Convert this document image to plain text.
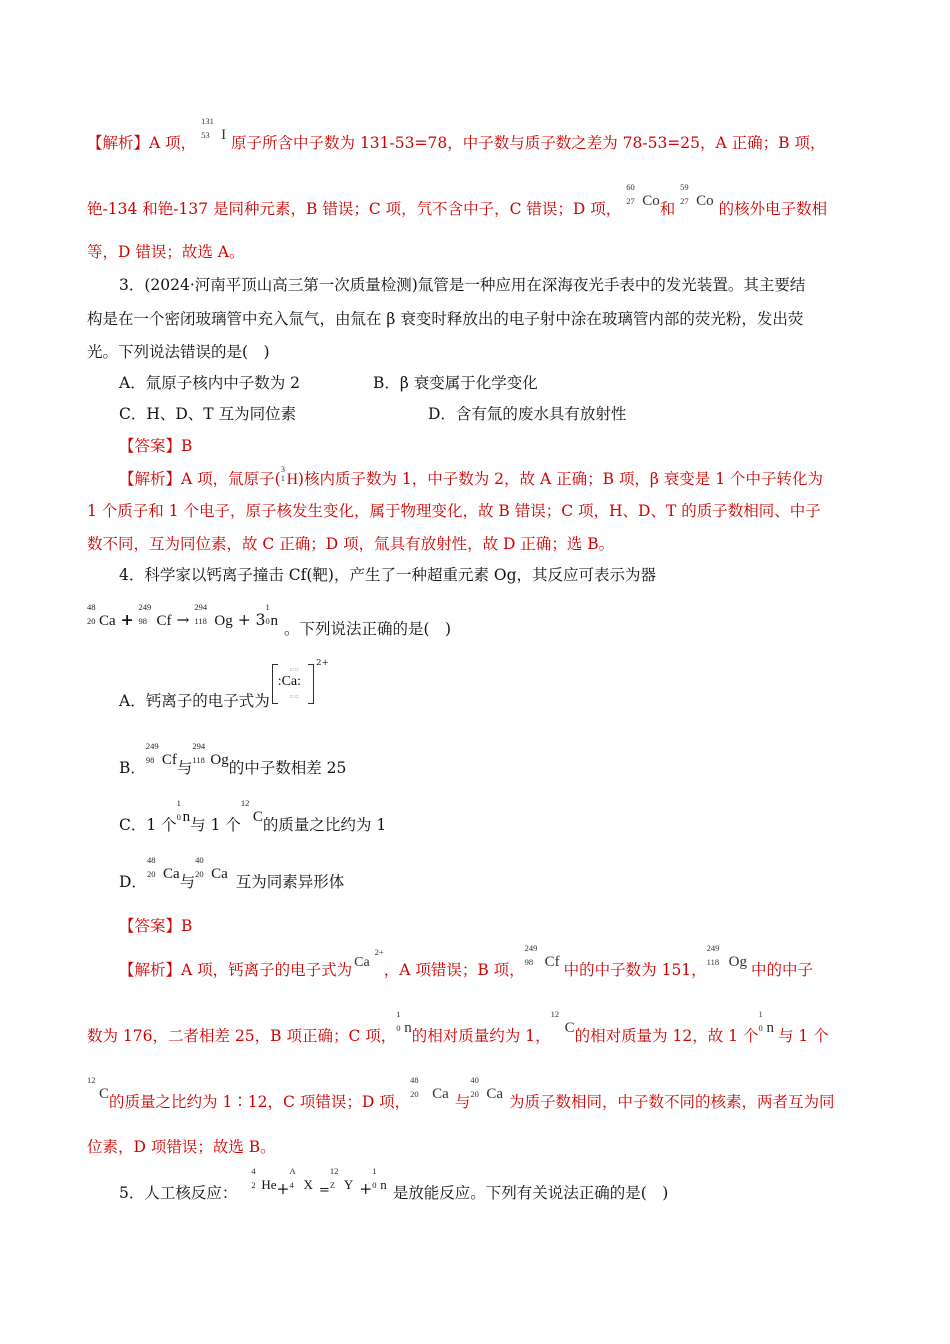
【解析】A 项，
131
53 I 原子所含中子数为 131-53=78，中子数与质子数之差为 78-53=25，A 正确；B 项，
铯-134 和铯-137 是同种元素，B 错误；C 项，氕不含中子，C 错误；D 项，
60
27 Co和
59
27 Co 的核外电子数相
等，D 错误；故选 A。
3．(2024·河南平顶山高三第一次质量检测)氚管是一种应用在深海夜光手表中的发光装置。其主要结
构是在一个密闭玻璃管中充入氚气，由氚在 β 衰变时释放出的电子射中涂在玻璃管内部的荧光粉，发出荧
光。下列说法错误的是(　)
A．氚原子核内中子数为 2	B．β 衰变属于化学变化
C．H、D、T 互为同位素	D．含有氚的废水具有放射性
【答案】B
【解析】A 项，氚原子(
3
1 H)核内质子数为 1，中子数为 2，故 A 正确；B 项，β 衰变是 1 个中子转化为
1 个质子和 1 个电子，原子核发生变化，属于物理变化，故 B 错误；C 项，H、D、T 的质子数相同、中子
数不同，互为同位素，故 C 正确；D 项，氚具有放射性，故 D 正确；选 B。
4．科学家以钙离子撞击 Cf(靶)，产生了一种超重元素 Og，其反应可表示为器
48
20 Ca +
249
98 Cf →
294
118 Og + 3
1
0 n 。下列说法正确的是(　)
A．钙离子的电子式为
▫▫
:Ca:
▫▫
2+
B．
249
98 Cf与
294
118 Og的中子数相差 25
C．1 个
1
0 n与 1 个
12
C的质量之比约为 1
D．
48
20 Ca与
40
20 Ca 互为同素异形体
【答案】B
【解析】A 项，钙离子的电子式为 Ca
2+
，A 项错误；B 项，
249
98 Cf 中的中子数为 151，
249
118 Og 中的中子
数为 176，二者相差 25，B 项正确；C 项，
1
0 n的相对质量约为 1，
12
C的相对质量为 12，故 1 个
1
0 n 与 1 个
12
C的质量之比约为 1∶12，C 项错误；D 项，
48
20 Ca 与
40
20 Ca 为质子数相同，中子数不同的核素，两者互为同
位素，D 项错误；故选 B。
5．人工核反应：
4
2 $^{He}$+
A
4 $^X$ =
12
Z $^Y$ +
1
0 $^n$ 是放能反应。下列有关说法正确的是(　)
